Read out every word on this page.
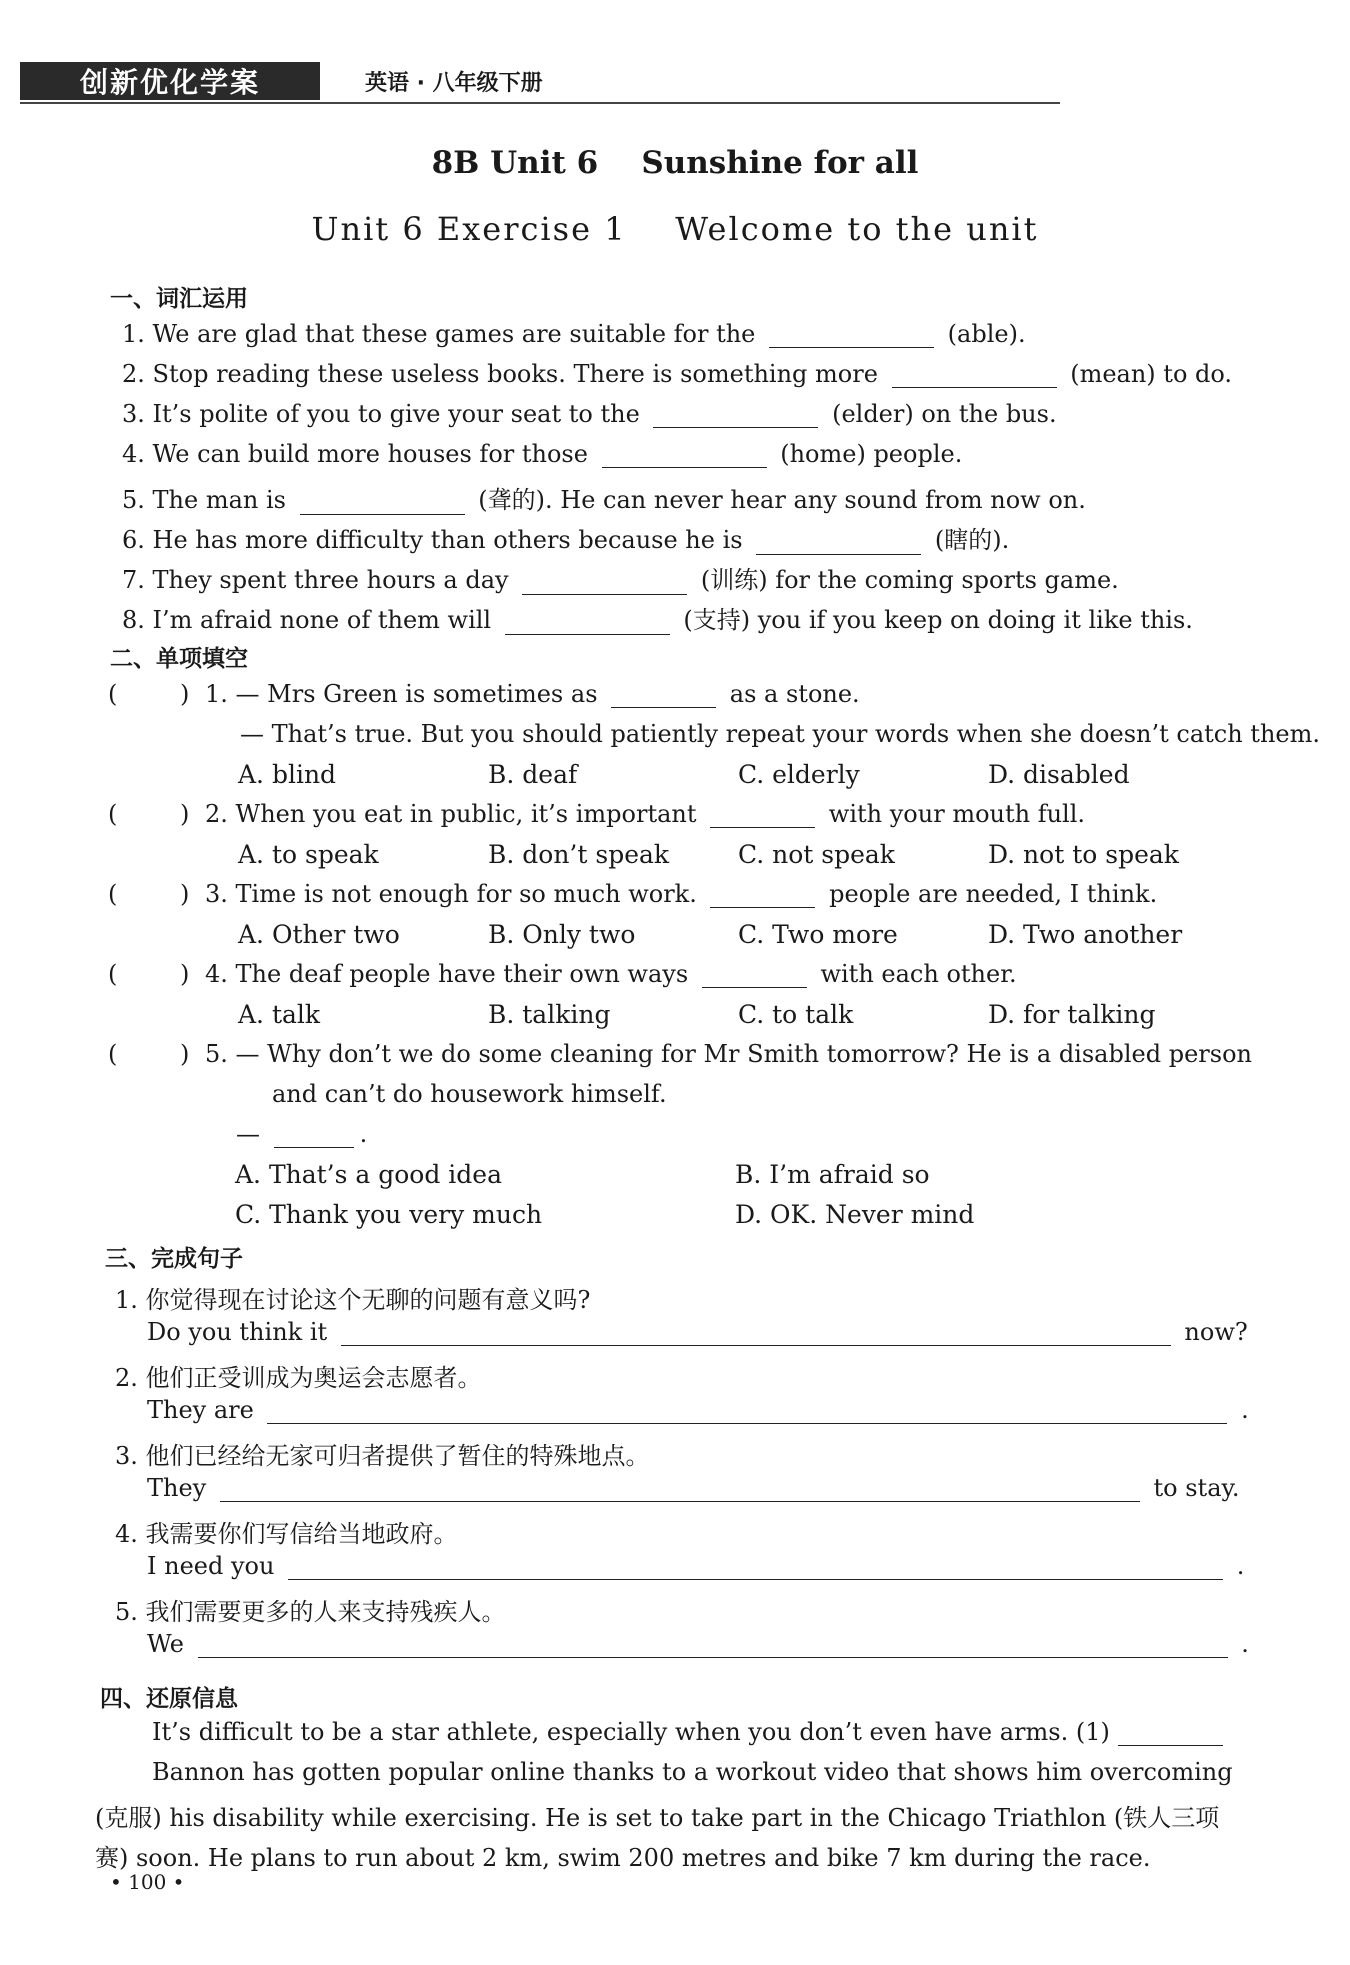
创新优化学案	英语 · 八年级下册
8B Unit 6    Sunshine for all
Unit 6 Exercise 1    Welcome to the unit
一、词汇运用
1. We are glad that these games are suitable for the	(able).
2. Stop reading these useless books. There is something more	(mean) to do.
3. It’s polite of you to give your seat to the	(elder) on the bus.
4. We can build more houses for those	(home) people.
5. The man is	(聋的). He can never hear any sound from now on.
6. He has more difficulty than others because he is	(瞎的).
7. They spent three hours a day	(训练) for the coming sports game.
8. I’m afraid none of them will	(支持) you if you keep on doing it like this.
二、单项填空
(	) 1. — Mrs Green is sometimes as	as a stone.
— That’s true. But you should patiently repeat your words when she doesn’t catch them.
A. blind	B. deaf	C. elderly	D. disabled
(	) 2. When you eat in public, it’s important	with your mouth full.
A. to speak	B. don’t speak	C. not speak	D. not to speak
(	) 3. Time is not enough for so much work.	people are needed, I think.
A. Other two	B. Only two	C. Two more	D. Two another
(	) 4. The deaf people have their own ways	with each other.
A. talk	B. talking	C. to talk	D. for talking
(	) 5. — Why don’t we do some cleaning for Mr Smith tomorrow? He is a disabled person
and can’t do housework himself.
—	.
A. That’s a good idea	B. I’m afraid so
C. Thank you very much	D. OK. Never mind
三、完成句子
1. 你觉得现在讨论这个无聊的问题有意义吗?
Do you think it	now?
2. 他们正受训成为奥运会志愿者。
They are	.
3. 他们已经给无家可归者提供了暂住的特殊地点。
They	to stay.
4. 我需要你们写信给当地政府。
I need you	.
5. 我们需要更多的人来支持残疾人。
We	.
四、还原信息
It’s difficult to be a star athlete, especially when you don’t even have arms. (1)
Bannon has gotten popular online thanks to a workout video that shows him overcoming
(克服) his disability while exercising. He is set to take part in the Chicago Triathlon (铁人三项
赛) soon. He plans to run about 2 km, swim 200 metres and bike 7 km during the race.
• 100 •
